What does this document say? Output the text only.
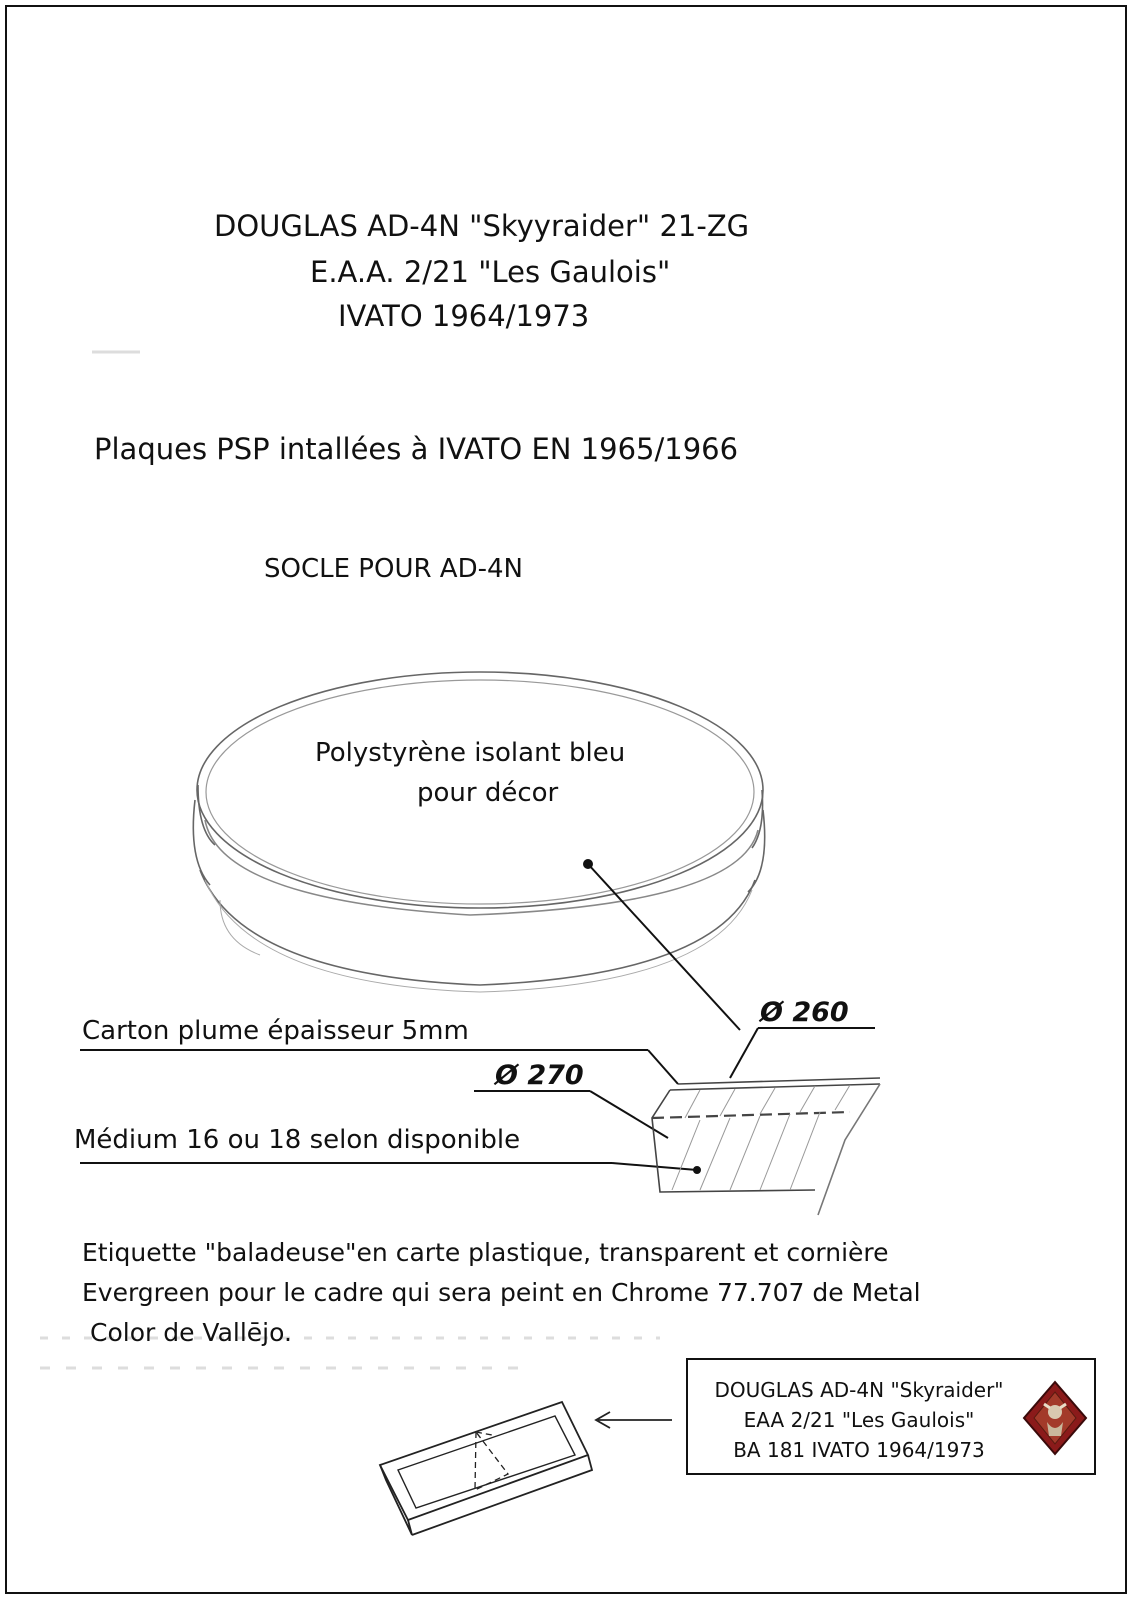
DOUGLAS AD-4N "Skyyraider" 21-ZG
E.A.A. 2/21 "Les Gaulois"
IVATO 1964/1973
Plaques PSP intallées à IVATO EN 1965/1966
SOCLE POUR AD-4N
Polystyrène isolant bleu
pour décor
Ø 260
Ø 270
Carton plume épaisseur 5mm
Médium 16 ou 18 selon disponible
Etiquette "baladeuse"en carte plastique, transparent et cornière
Evergreen pour le cadre qui sera peint en Chrome 77.707 de Metal
Color de Vallējo.
DOUGLAS AD-4N "Skyraider"
EAA 2/21 "Les Gaulois"
BA 181 IVATO 1964/1973
